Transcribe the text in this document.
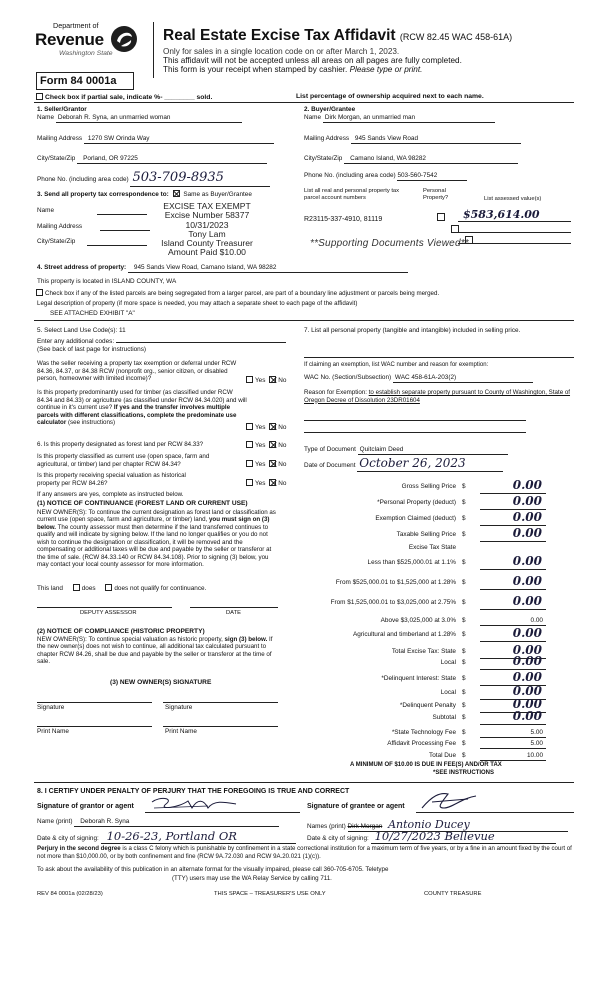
Department of
Revenue
Washington State
Real Estate Excise Tax Affidavit (RCW 82.45 WAC 458-61A)
Only for sales in a single location code on or after March 1, 2023.
This affidavit will not be accepted unless all areas on all pages are fully completed.
This form is your receipt when stamped by cashier. Please type or print.
Form 84 0001a
Check box if partial sale, indicate %- ________ sold.	List percentage of ownership acquired next to each name.
1. Seller/Grantor
Name Deborah R. Syna, an unmarried woman
Mailing Address 1270 SW Orinda Way
City/State/Zip Porland, OR 97225
Phone No. (including area code) 503-709-8935
2. Buyer/Grantee
Name Dirk Morgan, an unmarried man
Mailing Address 945 Sands View Road
City/State/Zip Camano Island, WA 98282
Phone No. (including area code) 503-560-7542
3. Send all property tax correspondence to: Same as Buyer/Grantee
Name
Mailing Address
City/State/Zip
EXCISE TAX EXEMPT
Excise Number 58377
10/31/2023
Tony Lam
Island County Treasurer
Amount Paid $10.00
List all real and personal property tax parcel account numbers
Personal Property?	List assessed value(s)
R23115-337-4910, 81119
	$583,614.00
**Supporting Documents Viewed**
4. Street address of property: 945 Sands View Road, Camano Island, WA 98282
This property is located in ISLAND COUNTY, WA
Check box if any of the listed parcels are being segregated from a larger parcel, are part of a boundary line adjustment or parcels being merged.
Legal description of property (if more space is needed, you may attach a separate sheet to each page of the affidavit)
SEE ATTACHED EXHIBIT "A"
5. Select Land Use Code(s): 11
Enter any additional codes:
(See back of last page for instructions)
Was the seller receiving a property tax exemption or deferral under RCW 84.36, 84.37, or 84.38 RCW (nonprofit org., senior citizen, or disabled person, homeowner with limited income)?	Yes No
Is this property predominantly used for timber (as classified under RCW 84.34 and 84.33) or agriculture (as classified under RCW 84.34.020) and will continue in it's current use? If yes and the transfer involves multiple parcels with different classifications, complete the predominate use calculator (see instructions)
Yes No
6. Is this property designated as forest land per RCW 84.33?	Yes No
Is this property classified as current use (open space, farm and agricultural, or timber) land per chapter RCW 84.34?	Yes No
Is this property receiving special valuation as historical property per RCW 84.26?	Yes No
If any answers are yes, complete as instructed below.
(1) NOTICE OF CONTINUANCE (FOREST LAND OR CURRENT USE)
NEW OWNER(S): To continue the current designation as forest land or classification as current use (open space, farm and agriculture, or timber) land, you must sign on (3) below. The county assessor must then determine if the land transferred continues to qualify and will indicate by signing below. If the land no longer qualifies or you do not wish to continue the designation or classification, it will be removed and the compensating or additional taxes will be due and payable by the seller or transferor at the time of sale. (RCW 84.33.140 or RCW 84.34.108). Prior to signing (3) below, you may contact your local county assessor for more information.
This land	does	does not qualify for continuance.
DEPUTY ASSESSOR	DATE
(2) NOTICE OF COMPLIANCE (HISTORIC PROPERTY)
NEW OWNER(S): To continue special valuation as historic property, sign (3) below. If the new owner(s) does not wish to continue, all additional tax calculated pursuant to chapter RCW 84.26, shall be due and payable by the seller or transferor at the time of sale.
(3) NEW OWNER(S) SIGNATURE
Signature	Signature
Print Name	Print Name
7. List all personal property (tangible and intangible) included in selling price.
If claiming an exemption, list WAC number and reason for exemption:
WAC No. (Section/Subsection) WAC 458-61A-203(2)
Reason for Exemption: to establish separate property pursuant to County of Washington, State of Oregon Decree of Dissolution 23DR01604
Type of Document Quitclaim Deed
Date of Document October 26, 2023
Gross Selling Price $	0.00
*Personal Property (deduct) $	0.00
Exemption Claimed (deduct) $	0.00
Taxable Selling Price $	0.00
Excise Tax State
Less than $525,000.01 at 1.1% $	0.00
From $525,000.01 to $1,525,000 at 1.28% $	0.00
From $1,525,000.01 to $3,025,000 at 2.75% $	0.00
Above $3,025,000 at 3.0% $	0.00
Agricultural and timberland at 1.28% $	0.00
Total Excise Tax: State $	0.00
Local $	0.00
*Delinquent Interest: State $	0.00
Local $	0.00
*Delinquent Penalty $	0.00
Subtotal $	0.00
*State Technology Fee $	5.00
Affidavit Processing Fee $	5.00
Total Due $	10.00
A MINIMUM OF $10.00 IS DUE IN FEE(S) AND/OR TAX
*SEE INSTRUCTIONS
8. I CERTIFY UNDER PENALTY OF PERJURY THAT THE FOREGOING IS TRUE AND CORRECT
Signature of grantor or agent	Signature of grantee or agent
Name (print) Deborah R. Syna
Names (print) Dirk Morgan Antonio Ducey
Date & city of signing: 10-26-23, Portland OR	Date & city of signing: 10/27/2023 Bellevue
Perjury in the second degree is a class C felony which is punishable by confinement in a state correctional institution for a maximum term of five years, or by a fine in an amount fixed by the court of not more than $10,000.00, or by both confinement and fine (RCW 9A.72.030 and RCW 9A.20.021 (1)(c)).
To ask about the availability of this publication in an alternate format for the visually impaired, please call 360-705-6705. Teletype
(TTY) users may use the WA Relay Service by calling 711.
REV 84 0001a (02/28/23)	THIS SPACE – TREASURER'S USE ONLY	COUNTY TREASURE
